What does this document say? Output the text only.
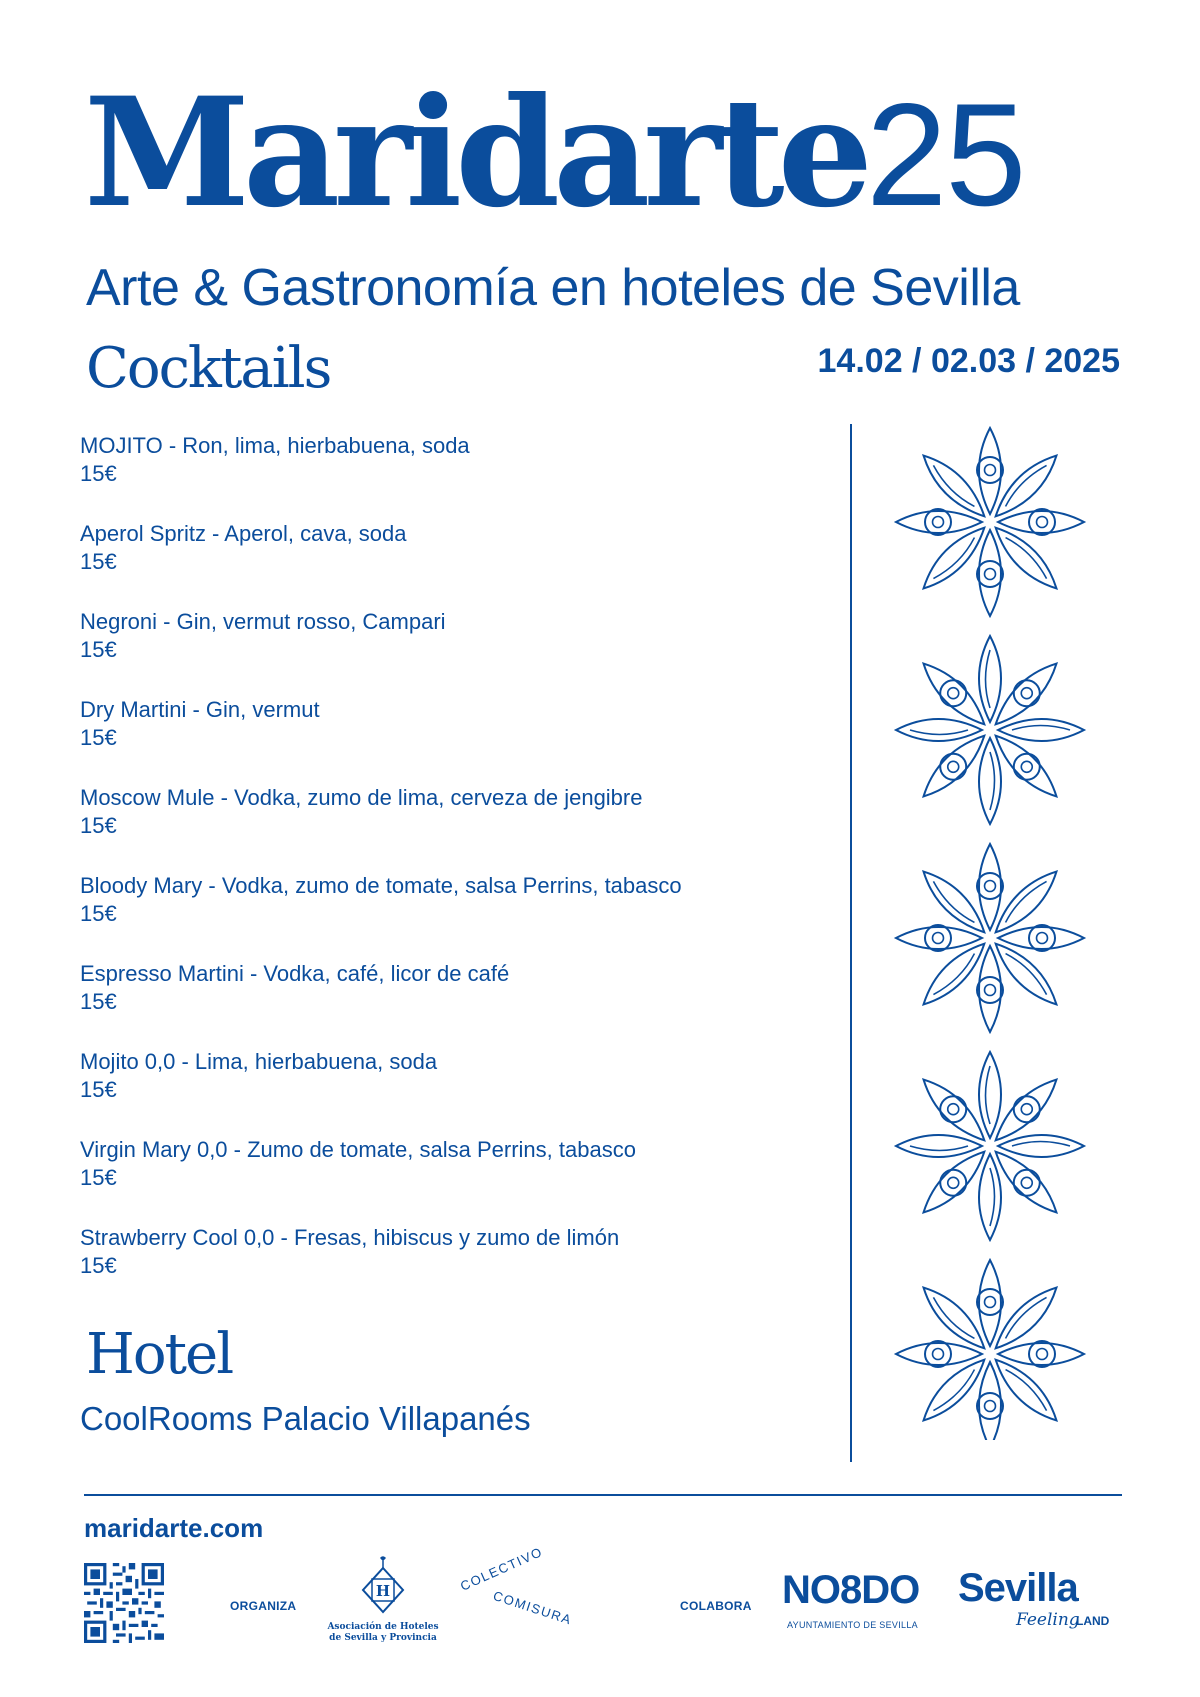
Maridarte25
Arte & Gastronomía en hoteles de Sevilla
Cocktails	14.02 / 02.03 / 2025
MOJITO - Ron, lima, hierbabuena, soda
15€
Aperol Spritz - Aperol, cava, soda
15€
Negroni - Gin, vermut rosso, Campari
15€
Dry Martini - Gin, vermut
15€
Moscow Mule - Vodka, zumo de lima, cerveza de jengibre
15€
Bloody Mary - Vodka, zumo de tomate, salsa Perrins, tabasco
15€
Espresso Martini - Vodka, café, licor de café
15€
Mojito 0,0 - Lima, hierbabuena, soda
15€
Virgin Mary 0,0 - Zumo de tomate, salsa Perrins, tabasco
15€
Strawberry Cool 0,0 - Fresas, hibiscus y zumo de limón
15€
Hotel
CoolRooms Palacio Villapanés
maridarte.com
ORGANIZA
H
Asociación de Hoteles
de Sevilla y Provincia
COLECTIVO
COMISURA	COLABORA NO8DO
AYUNTAMIENTO DE SEVILLA
Sevilla
Feeling
LAND
